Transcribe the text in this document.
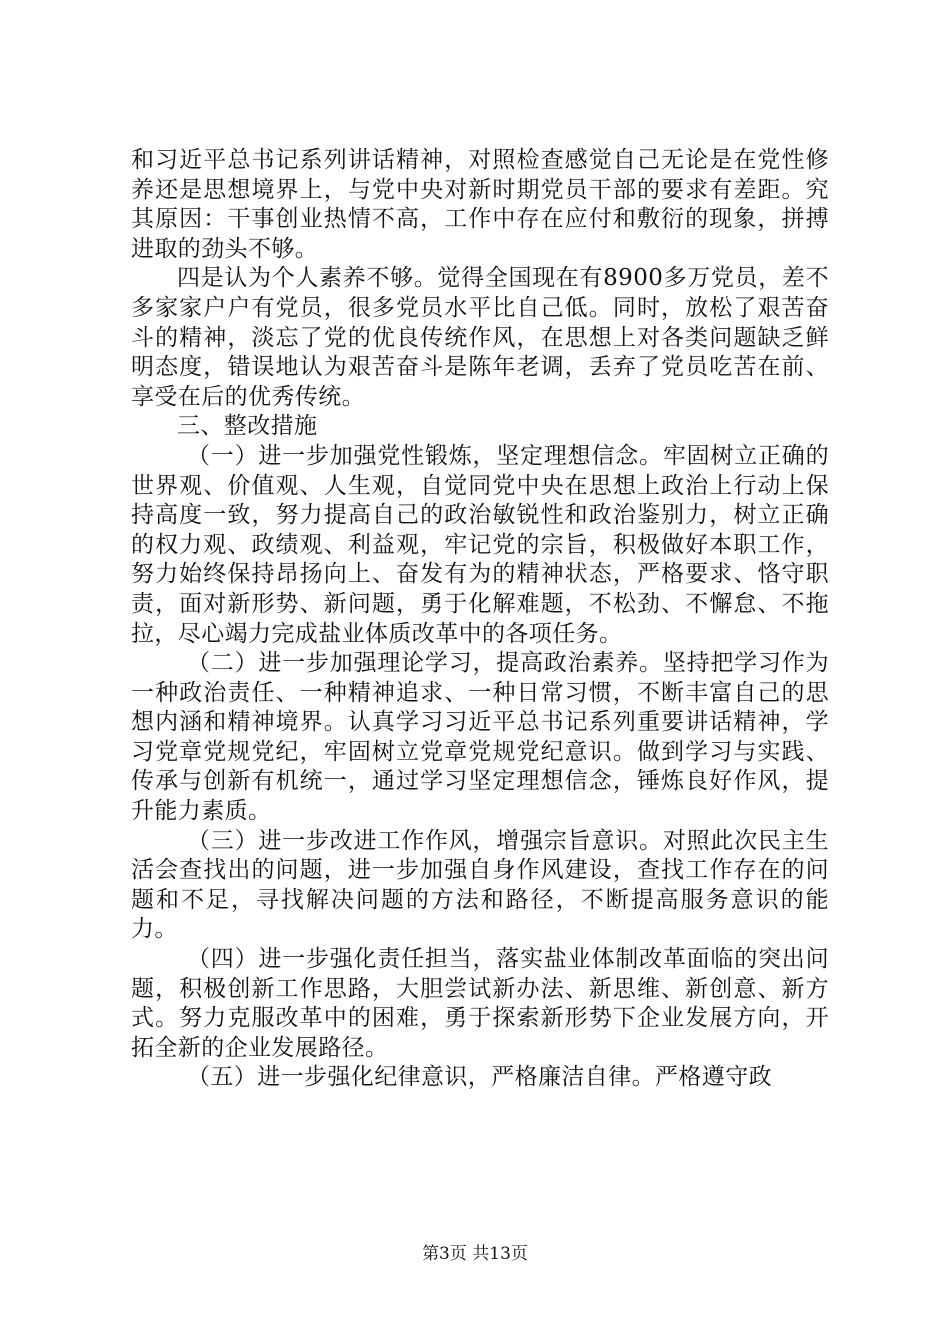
和习近平总书记系列讲话精神，对照检查感觉自己无论是在党性修养还是思想境界上，与党中央对新时期党员干部的要求有差距。究其原因：干事创业热情不高，工作中存在应付和敷衍的现象，拼搏进取的劲头不够。

四是认为个人素养不够。觉得全国现在有8900多万党员，差不多家家户户有党员，很多党员水平比自己低。同时，放松了艰苦奋斗的精神，淡忘了党的优良传统作风，在思想上对各类问题缺乏鲜明态度，错误地认为艰苦奋斗是陈年老调，丢弃了党员吃苦在前、享受在后的优秀传统。

三、整改措施

（一）进一步加强党性锻炼，坚定理想信念。牢固树立正确的世界观、价值观、人生观，自觉同党中央在思想上政治上行动上保持高度一致，努力提高自己的政治敏锐性和政治鉴别力，树立正确的权力观、政绩观、利益观，牢记党的宗旨，积极做好本职工作，努力始终保持昂扬向上、奋发有为的精神状态，严格要求、恪守职责，面对新形势、新问题，勇于化解难题，不松劲、不懈怠、不拖拉，尽心竭力完成盐业体质改革中的各项任务。

（二）进一步加强理论学习，提高政治素养。坚持把学习作为一种政治责任、一种精神追求、一种日常习惯，不断丰富自己的思想内涵和精神境界。认真学习习近平总书记系列重要讲话精神，学习党章党规党纪，牢固树立党章党规党纪意识。做到学习与实践、传承与创新有机统一，通过学习坚定理想信念，锤炼良好作风，提升能力素质。

（三）进一步改进工作作风，增强宗旨意识。对照此次民主生活会查找出的问题，进一步加强自身作风建设，查找工作存在的问题和不足，寻找解决问题的方法和路径，不断提高服务意识的能力。

（四）进一步强化责任担当，落实盐业体制改革面临的突出问题，积极创新工作思路，大胆尝试新办法、新思维、新创意、新方式。努力克服改革中的困难，勇于探索新形势下企业发展方向，开拓全新的企业发展路径。

（五）进一步强化纪律意识，严格廉洁自律。严格遵守政

第3页 共13页
